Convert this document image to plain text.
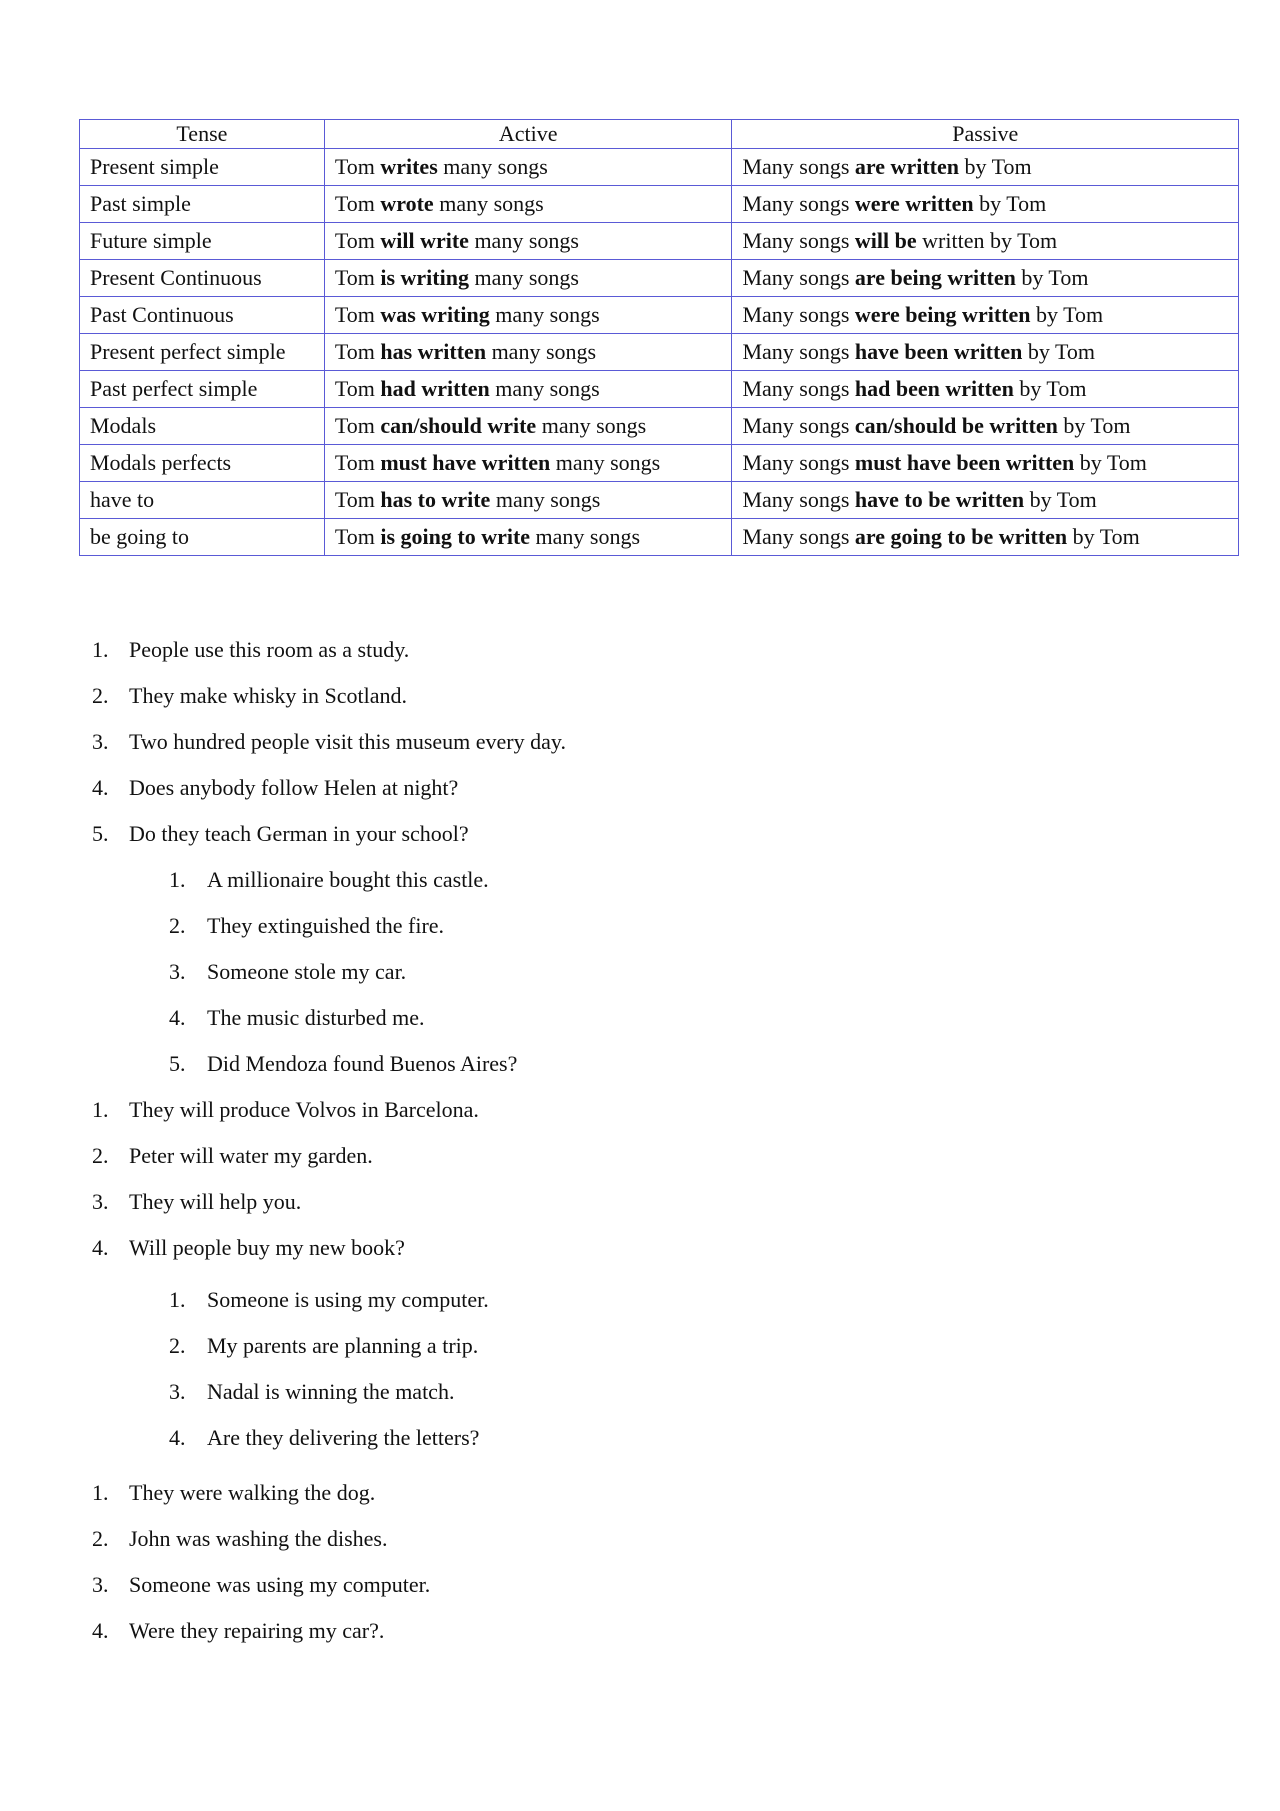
Tense	Active	Passive
Present simple	Tom writes many songs	Many songs are written by Tom
Past simple	Tom wrote many songs	Many songs were written by Tom
Future simple	Tom will write many songs	Many songs will be written by Tom
Present Continuous	Tom is writing many songs	Many songs are being written by Tom
Past Continuous	Tom was writing many songs	Many songs were being written by Tom
Present perfect simple	Tom has written many songs	Many songs have been written by Tom
Past perfect simple	Tom had written many songs	Many songs had been written by Tom
Modals	Tom can/should write many songs	Many songs can/should be written by Tom
Modals perfects	Tom must have written many songs	Many songs must have been written by Tom
have to	Tom has to write many songs	Many songs have to be written by Tom
be going to	Tom is going to write many songs	Many songs are going to be written by Tom
1. People use this room as a study.
2. They make whisky in Scotland.
3. Two hundred people visit this museum every day.
4. Does anybody follow Helen at night?
5. Do they teach German in your school?
1. A millionaire bought this castle.
2. They extinguished the fire.
3. Someone stole my car.
4. The music disturbed me.
5. Did Mendoza found Buenos Aires?
1. They will produce Volvos in Barcelona.
2. Peter will water my garden.
3. They will help you.
4. Will people buy my new book?
1. Someone is using my computer.
2. My parents are planning a trip.
3. Nadal is winning the match.
4. Are they delivering the letters?
1. They were walking the dog.
2. John was washing the dishes.
3. Someone was using my computer.
4. Were they repairing my car?.
